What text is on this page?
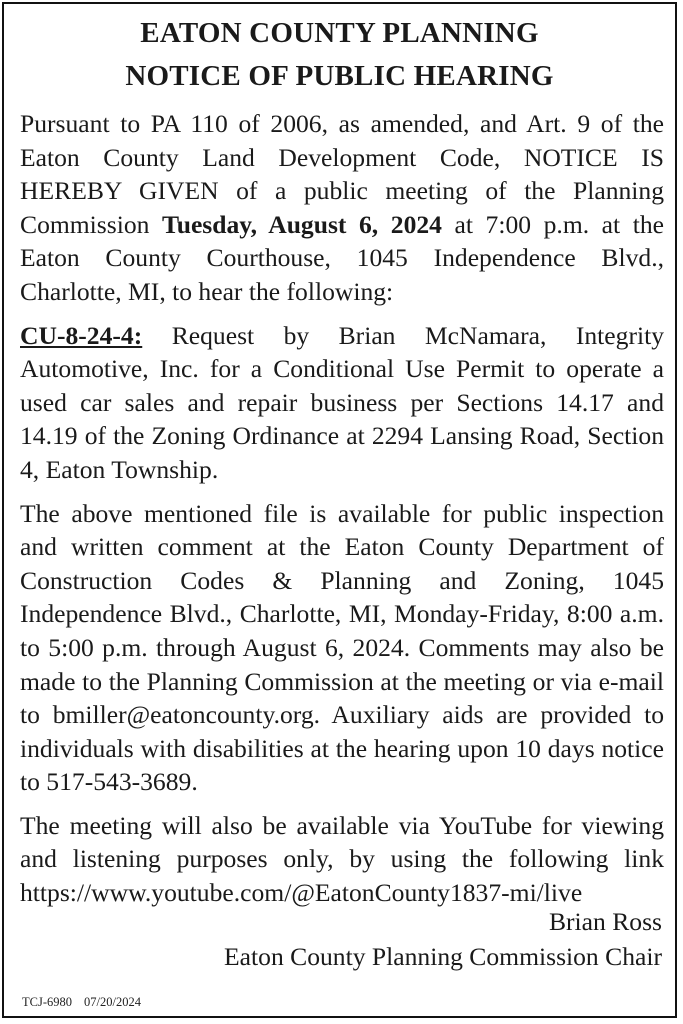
EATON COUNTY PLANNING
NOTICE OF PUBLIC HEARING

Pursuant to PA 110 of 2006, as amended, and Art. 9 of the Eaton County Land Development Code, NOTICE IS HEREBY GIVEN of a public meeting of the Planning Commission Tuesday, August 6, 2024 at 7:00 p.m. at the Eaton County Courthouse, 1045 Independence Blvd., Charlotte, MI, to hear the following:

CU-8-24-4: Request by Brian McNamara, Integrity Automotive, Inc. for a Conditional Use Permit to operate a used car sales and repair business per Sections 14.17 and 14.19 of the Zoning Ordinance at 2294 Lansing Road, Section 4, Eaton Township.

The above mentioned file is available for public inspection and written comment at the Eaton County Department of Construction Codes & Planning and Zoning, 1045 Independence Blvd., Charlotte, MI, Monday-Friday, 8:00 a.m. to 5:00 p.m. through August 6, 2024. Comments may also be made to the Planning Commission at the meeting or via e-mail to bmiller@eatoncounty.org. Auxiliary aids are provided to individuals with disabilities at the hearing upon 10 days notice to 517-543-3689.

The meeting will also be available via YouTube for viewing and listening purposes only, by using the following link https://www.youtube.com/@EatonCounty1837-mi/live

Brian Ross
Eaton County Planning Commission Chair
TCJ-6980 07/20/2024
